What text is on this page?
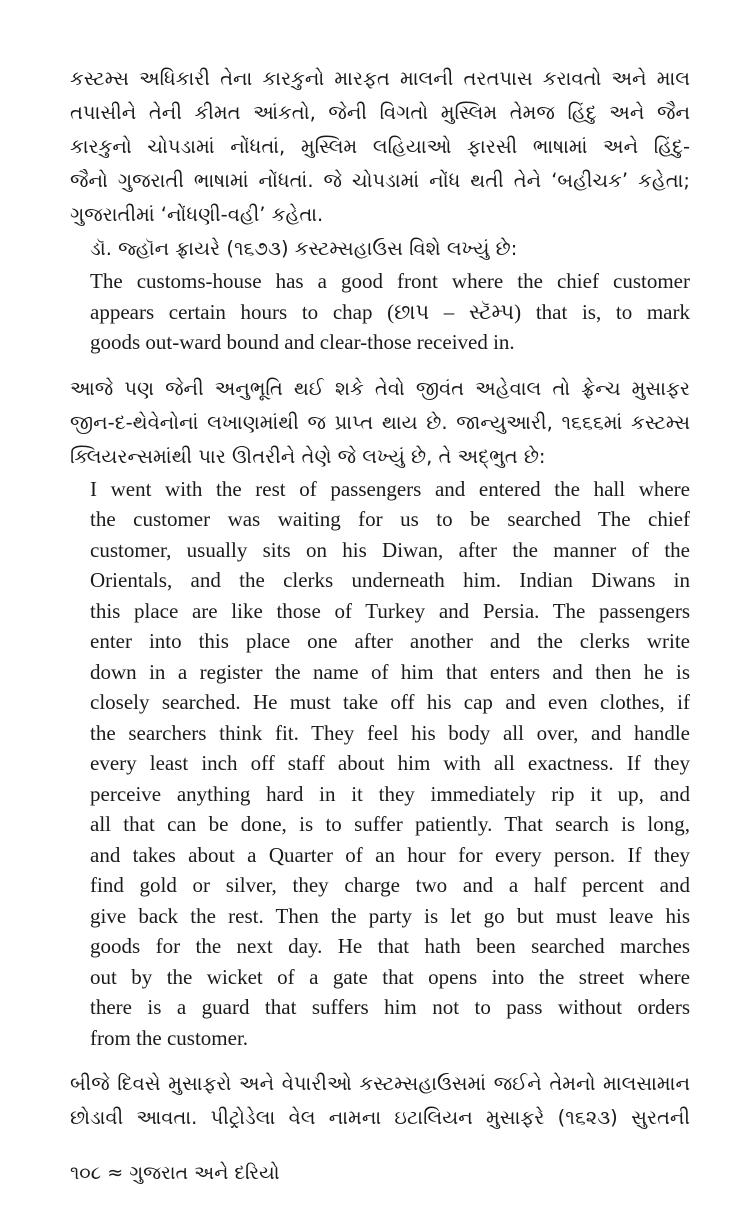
કસ્ટમ્સ અધિકારી તેના કારકુનો મારફત માલની તરતપાસ કરાવતો અને માલ
તપાસીને તેની કીમત આંકતો, જેની વિગતો મુસ્લિમ તેમજ હિંદુ અને જૈન
કારકુનો ચોપડામાં નોંધતાં, મુસ્લિમ લહિયાઓ ફારસી ભાષામાં અને હિંદુ-
જૈનો ગુજરાતી ભાષામાં નોંધતાં. જે ચોપડામાં નોંધ થતી તેને ‘બહીચક’ કહેતા;
ગુજરાતીમાં ‘નોંધણી-વહી’ કહેતા.
ડૉ. જ્હૉન ફ્રાયરે (૧૬૭૩) કસ્ટમ્સહાઉસ વિશે લખ્યું છે:
The customs-house has a good front where the chief customer
appears certain hours to chap (છાપ – સ્ટૅમ્પ) that is, to mark
goods out-ward bound and clear-those received in.
આજે પણ જેની અનુભૂતિ થઈ શકે તેવો જીવંત અહેવાલ તો ફ્રેન્ચ મુસાફર
જીન-દ-થેવેનોનાં લખાણમાંથી જ પ્રાપ્ત થાય છે. જાન્યુઆરી, ૧૬૬૬માં કસ્ટમ્સ
ક્લિયરન્સમાંથી પાર ઊતરીને તેણે જે લખ્યું છે, તે અદ્ભુત છે:
I went with the rest of passengers and entered the hall where
the customer was waiting for us to be searched The chief
customer, usually sits on his Diwan, after the manner of the
Orientals, and the clerks underneath him. Indian Diwans in
this place are like those of Turkey and Persia. The passengers
enter into this place one after another and the clerks write
down in a register the name of him that enters and then he is
closely searched. He must take off his cap and even clothes, if
the searchers think fit. They feel his body all over, and handle
every least inch off staff about him with all exactness. If they
perceive anything hard in it they immediately rip it up, and
all that can be done, is to suffer patiently. That search is long,
and takes about a Quarter of an hour for every person. If they
find gold or silver, they charge two and a half percent and
give back the rest. Then the party is let go but must leave his
goods for the next day. He that hath been searched marches
out by the wicket of a gate that opens into the street where
there is a guard that suffers him not to pass without orders
from the customer.
બીજે દિવસે મુસાફરો અને વેપારીઓ કસ્ટમ્સહાઉસમાં જઈને તેમનો માલસામાન
છોડાવી આવતા. પીટ્રોડેલા વેલ નામના ઇટાલિયન મુસાફરે (૧૬૨૩) સુરતની
૧૦૮ ≈ ગુજરાત અને દરિયો
